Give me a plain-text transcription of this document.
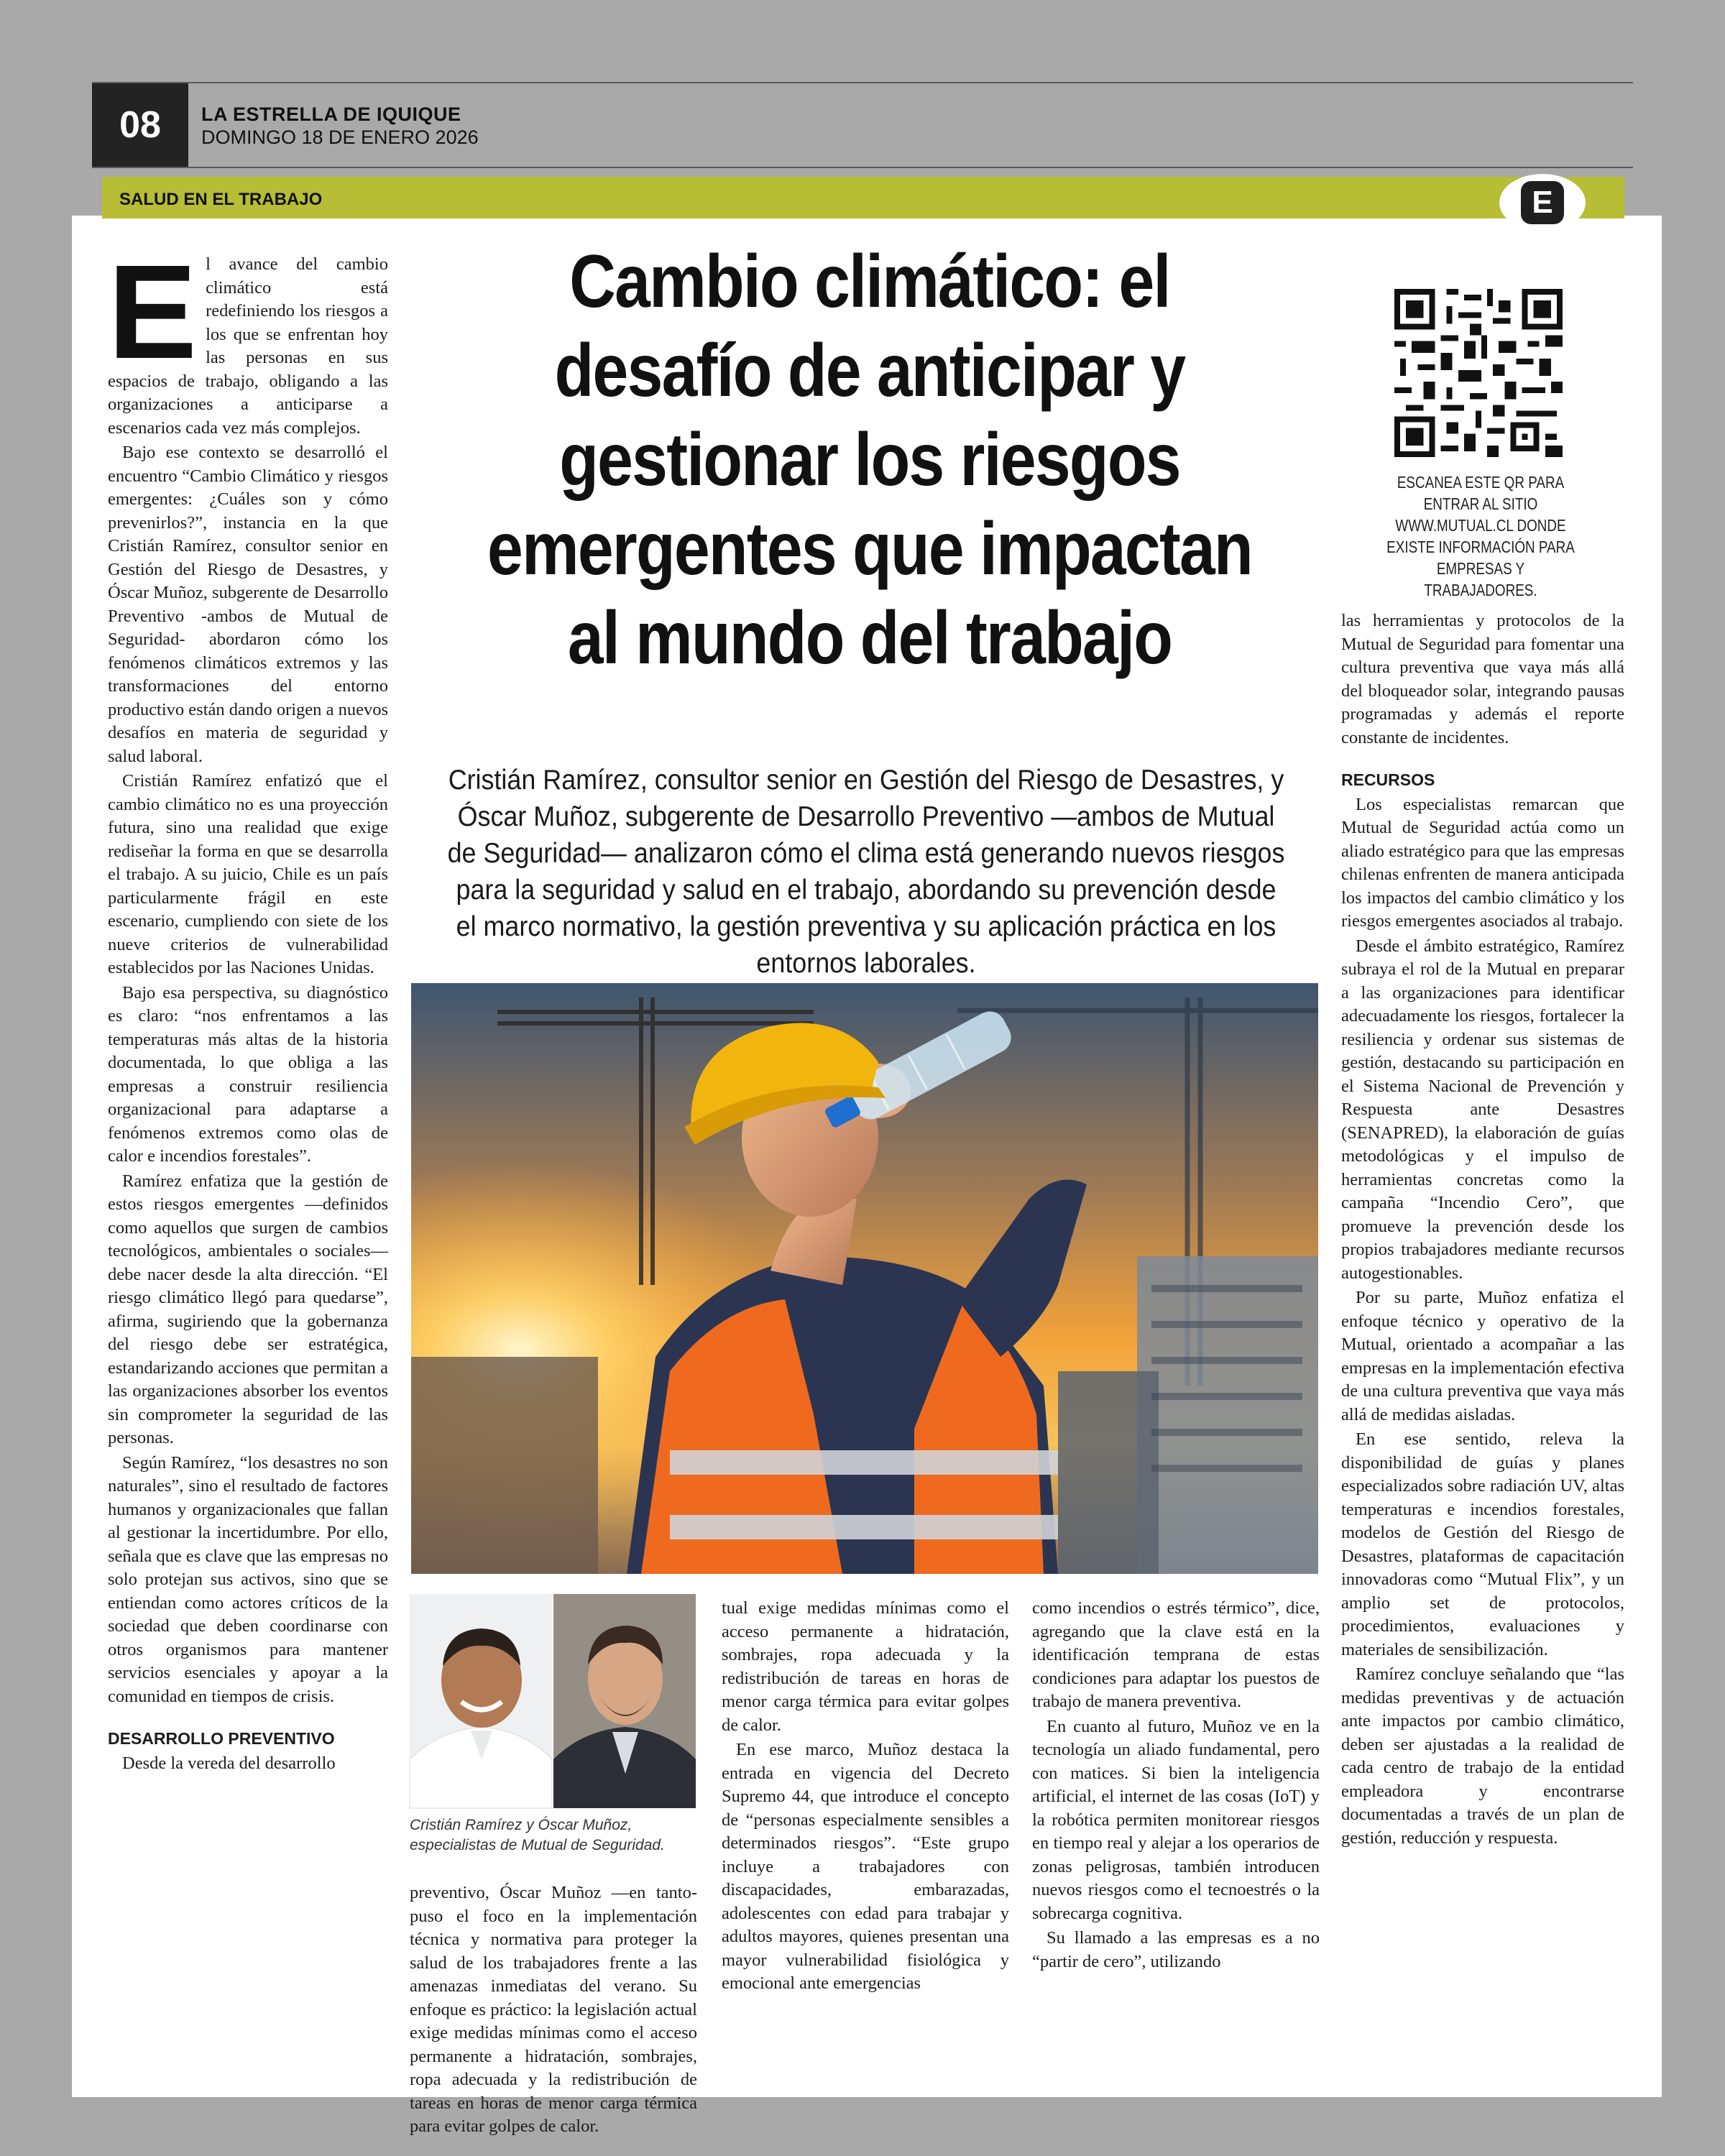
08	LA ESTRELLA DE IQUIQUE
DOMINGO 18 DE ENERO 2026
SALUD EN EL TRABAJO	E

El avance del cambio climático está redefiniendo los riesgos a los que se enfrentan hoy las personas en sus espacios de trabajo, obligando a las organizaciones a anticiparse a escenarios cada vez más complejos.

Bajo ese contexto se desarrolló el encuentro “Cambio Climático y riesgos emergentes: ¿Cuáles son y cómo prevenirlos?”, instancia en la que Cristián Ramírez, consultor senior en Gestión del Riesgo de Desastres, y Óscar Muñoz, subgerente de Desarrollo Preventivo -ambos de Mutual de Seguridad- abordaron cómo los fenómenos climáticos extremos y las transformaciones del entorno productivo están dando origen a nuevos desafíos en materia de seguridad y salud laboral.

Cristián Ramírez enfatizó que el cambio climático no es una proyección futura, sino una realidad que exige rediseñar la forma en que se desarrolla el trabajo. A su juicio, Chile es un país particularmente frágil en este escenario, cumpliendo con siete de los nueve criterios de vulnerabilidad establecidos por las Naciones Unidas.

Bajo esa perspectiva, su diagnóstico es claro: “nos enfrentamos a las temperaturas más altas de la historia documentada, lo que obliga a las empresas a construir resiliencia organizacional para adaptarse a fenómenos extremos como olas de calor e incendios forestales”.

Ramírez enfatiza que la gestión de estos riesgos emergentes —definidos como aquellos que surgen de cambios tecnológicos, ambientales o sociales— debe nacer desde la alta dirección. “El riesgo climático llegó para quedarse”, afirma, sugiriendo que la gobernanza del riesgo debe ser estratégica, estandarizando acciones que permitan a las organizaciones absorber los eventos sin comprometer la seguridad de las personas.

Según Ramírez, “los desastres no son naturales”, sino el resultado de factores humanos y organizacionales que fallan al gestionar la incertidumbre. Por ello, señala que es clave que las empresas no solo protejan sus activos, sino que se entiendan como actores críticos de la sociedad que deben coordinarse con otros organismos para mantener servicios esenciales y apoyar a la comunidad en tiempos de crisis.

DESARROLLO PREVENTIVO

Desde la vereda del desarrollo

Cambio climático: el desafío de anticipar y gestionar los riesgos emergentes que impactan al mundo del trabajo
Cristián Ramírez, consultor senior en Gestión del Riesgo de Desastres, y Óscar Muñoz, subgerente de Desarrollo Preventivo —ambos de Mutual de Seguridad— analizaron cómo el clima está generando nuevos riesgos para la seguridad y salud en el trabajo, abordando su prevención desde el marco normativo, la gestión preventiva y su aplicación práctica en los entornos laborales.
Cristián Ramírez y Óscar Muñoz, especialistas de Mutual de Seguridad.

preventivo, Óscar Muñoz —en tanto- puso el foco en la implementación técnica y normativa para proteger la salud de los trabajadores frente a las amenazas inmediatas del verano. Su enfoque es práctico: la legislación actual exige medidas mínimas como el acceso permanente a hidratación, sombrajes, ropa adecuada y la redistribución de tareas en horas de menor carga térmica para evitar golpes de calor.

tual exige medidas mínimas como el acceso permanente a hidratación, sombrajes, ropa adecuada y la redistribución de tareas en horas de menor carga térmica para evitar golpes de calor.

En ese marco, Muñoz destaca la entrada en vigencia del Decreto Supremo 44, que introduce el concepto de “personas especialmente sensibles a determinados riesgos”. “Este grupo incluye a trabajadores con discapacidades, embarazadas, adolescentes con edad para trabajar y adultos mayores, quienes presentan una mayor vulnerabilidad fisiológica y emocional ante emergencias

como incendios o estrés térmico”, dice, agregando que la clave está en la identificación temprana de estas condiciones para adaptar los puestos de trabajo de manera preventiva.

En cuanto al futuro, Muñoz ve en la tecnología un aliado fundamental, pero con matices. Si bien la inteligencia artificial, el internet de las cosas (IoT) y la robótica permiten monitorear riesgos en tiempo real y alejar a los operarios de zonas peligrosas, también introducen nuevos riesgos como el tecnoestrés o la sobrecarga cognitiva.

Su llamado a las empresas es a no “partir de cero”, utilizando

ESCANEA ESTE QR PARA ENTRAR AL SITIO WWW.MUTUAL.CL DONDE EXISTE INFORMACIÓN PARA EMPRESAS Y TRABAJADORES.

las herramientas y protocolos de la Mutual de Seguridad para fomentar una cultura preventiva que vaya más allá del bloqueador solar, integrando pausas programadas y además el reporte constante de incidentes.

RECURSOS

Los especialistas remarcan que Mutual de Seguridad actúa como un aliado estratégico para que las empresas chilenas enfrenten de manera anticipada los impactos del cambio climático y los riesgos emergentes asociados al trabajo.

Desde el ámbito estratégico, Ramírez subraya el rol de la Mutual en preparar a las organizaciones para identificar adecuadamente los riesgos, fortalecer la resiliencia y ordenar sus sistemas de gestión, destacando su participación en el Sistema Nacional de Prevención y Respuesta ante Desastres (SENAPRED), la elaboración de guías metodológicas y el impulso de herramientas concretas como la campaña “Incendio Cero”, que promueve la prevención desde los propios trabajadores mediante recursos autogestionables.

Por su parte, Muñoz enfatiza el enfoque técnico y operativo de la Mutual, orientado a acompañar a las empresas en la implementación efectiva de una cultura preventiva que vaya más allá de medidas aisladas.

En ese sentido, releva la disponibilidad de guías y planes especializados sobre radiación UV, altas temperaturas e incendios forestales, modelos de Gestión del Riesgo de Desastres, plataformas de capacitación innovadoras como “Mutual Flix”, y un amplio set de protocolos, procedimientos, evaluaciones y materiales de sensibilización.

Ramírez concluye señalando que “las medidas preventivas y de actuación ante impactos por cambio climático, deben ser ajustadas a la realidad de cada centro de trabajo de la entidad empleadora y encontrarse documentadas a través de un plan de gestión, reducción y respuesta.
